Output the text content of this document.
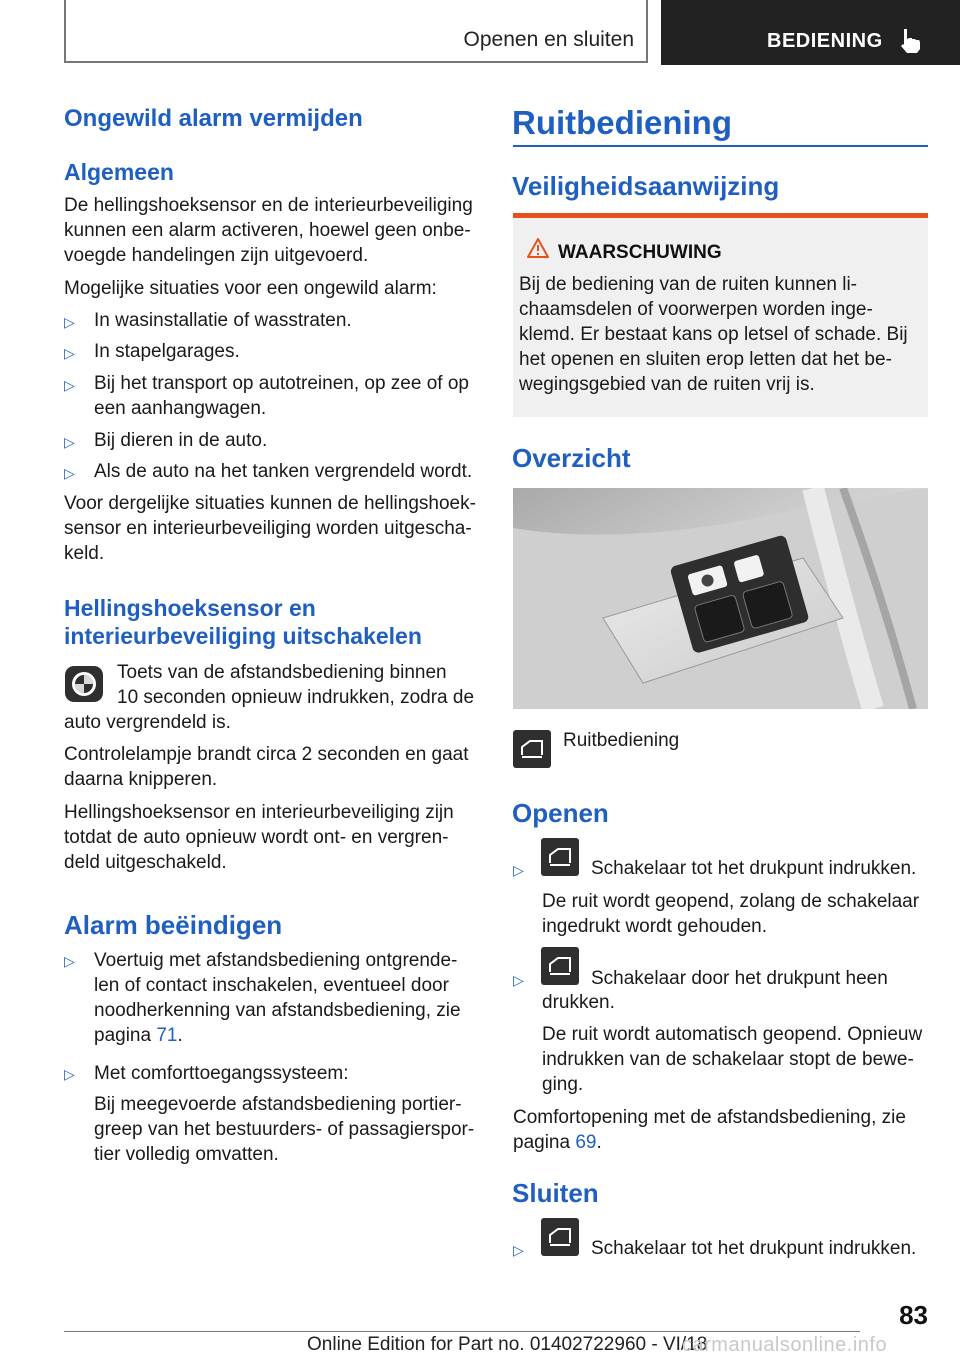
Openen en sluiten	BEDIENING
Ongewild alarm vermijden
Algemeen
De hellingshoeksensor en de interieurbeveiliging
kunnen een alarm activeren, hoewel geen onbe-
voegde handelingen zijn uitgevoerd.
Mogelijke situaties voor een ongewild alarm:
▷ In wasinstallatie of wasstraten.
▷ In stapelgarages.
▷ Bij het transport op autotreinen, op zee of op
een aanhangwagen.
▷ Bij dieren in de auto.
▷ Als de auto na het tanken vergrendeld wordt.
Voor dergelijke situaties kunnen de hellingshoek-
sensor en interieurbeveiliging worden uitgescha-
keld.
Hellingshoeksensor en
interieurbeveiliging uitschakelen
Toets van de afstandsbediening binnen
10 seconden opnieuw indrukken, zodra de
auto vergrendeld is.
Controlelampje brandt circa 2 seconden en gaat
daarna knipperen.
Hellingshoeksensor en interieurbeveiliging zijn
totdat de auto opnieuw wordt ont- en vergren-
deld uitgeschakeld.
Alarm beëindigen
▷ Voertuig met afstandsbediening ontgrende-
len of contact inschakelen, eventueel door
noodherkenning van afstandsbediening, zie
pagina 71.
▷ Met comforttoegangssysteem:
Bij meegevoerde afstandsbediening portier-
greep van het bestuurders- of passagierspor-
tier volledig omvatten.
Ruitbediening
Veiligheidsaanwijzing
WAARSCHUWING
Bij de bediening van de ruiten kunnen li-
chaamsdelen of voorwerpen worden inge-
klemd. Er bestaat kans op letsel of schade. Bij
het openen en sluiten erop letten dat het be-
wegingsgebied van de ruiten vrij is.
Overzicht
Ruitbediening
Openen
▷	Schakelaar tot het drukpunt indrukken.
De ruit wordt geopend, zolang de schakelaar
ingedrukt wordt gehouden.
▷	Schakelaar door het drukpunt heen
drukken.
De ruit wordt automatisch geopend. Opnieuw
indrukken van de schakelaar stopt de bewe-
ging.
Comfortopening met de afstandsbediening, zie
pagina 69.
Sluiten
▷	Schakelaar tot het drukpunt indrukken.
83
Online Edition for Part no. 01402722960 - VI/18
carmanualsonline.info
